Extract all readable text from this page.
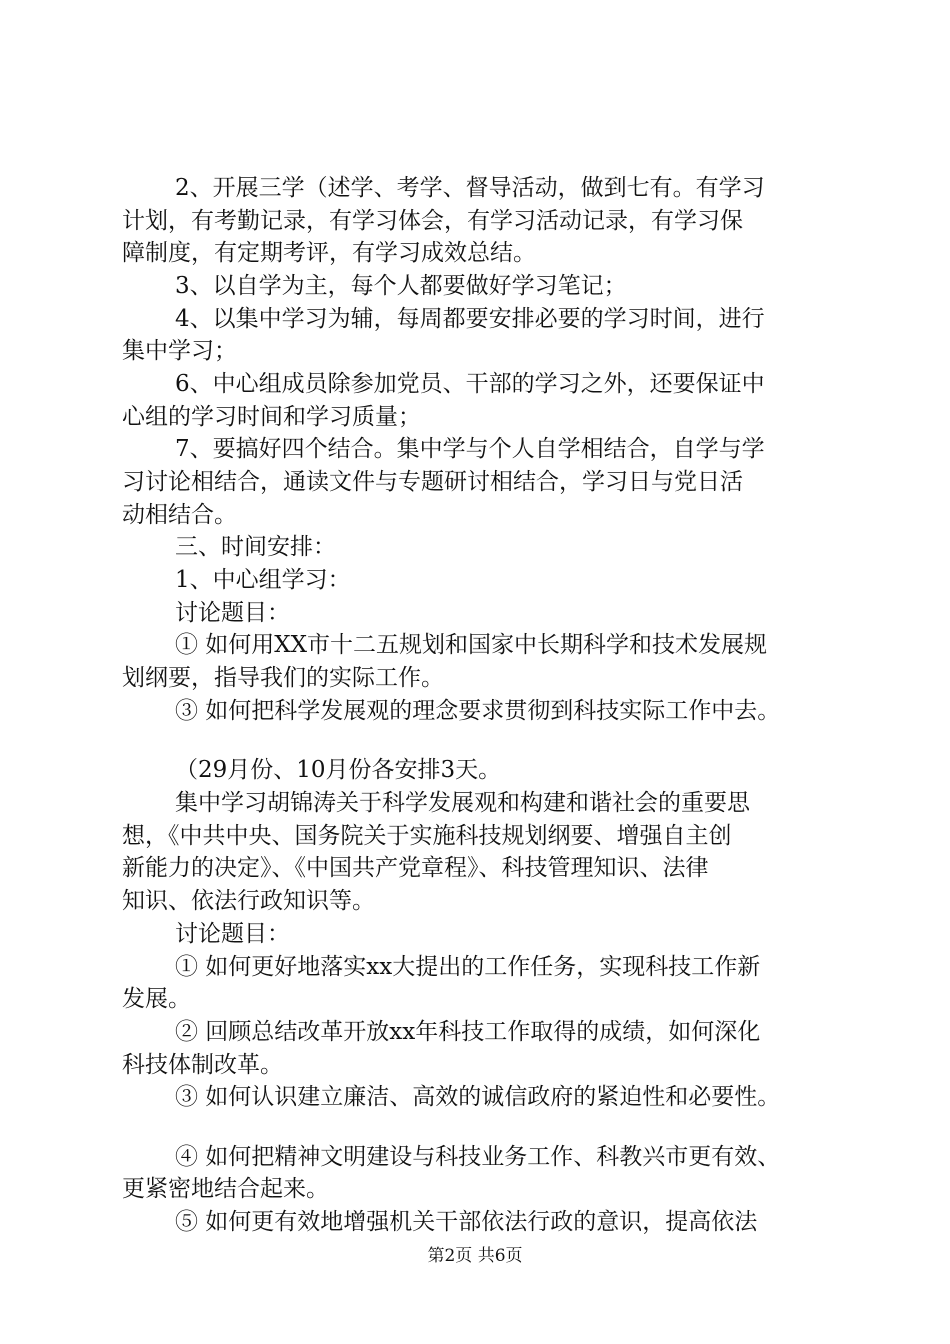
2、开展三学（述学、考学、督导活动，做到七有。有学习
计划，有考勤记录，有学习体会，有学习活动记录，有学习保
障制度，有定期考评，有学习成效总结。
3、以自学为主，每个人都要做好学习笔记；
4、以集中学习为辅，每周都要安排必要的学习时间，进行
集中学习；
6、中心组成员除参加党员、干部的学习之外，还要保证中
心组的学习时间和学习质量；
7、要搞好四个结合。集中学与个人自学相结合，自学与学
习讨论相结合，通读文件与专题研讨相结合，学习日与党日活
动相结合。
三、时间安排：
1、中心组学习：
讨论题目：
① 如何用XX市十二五规划和国家中长期科学和技术发展规
划纲要，指导我们的实际工作。
③ 如何把科学发展观的理念要求贯彻到科技实际工作中去。
（29月份、10月份各安排3天。
集中学习胡锦涛关于科学发展观和构建和谐社会的重要思
想，《中共中央、国务院关于实施科技规划纲要、增强自主创
新能力的决定》、《中国共产党章程》、科技管理知识、法律
知识、依法行政知识等。
讨论题目：
① 如何更好地落实xx大提出的工作任务，实现科技工作新
发展。
② 回顾总结改革开放xx年科技工作取得的成绩，如何深化
科技体制改革。
③ 如何认识建立廉洁、高效的诚信政府的紧迫性和必要性。
④ 如何把精神文明建设与科技业务工作、科教兴市更有效、
更紧密地结合起来。
⑤ 如何更有效地增强机关干部依法行政的意识，提高依法
第2页 共6页
